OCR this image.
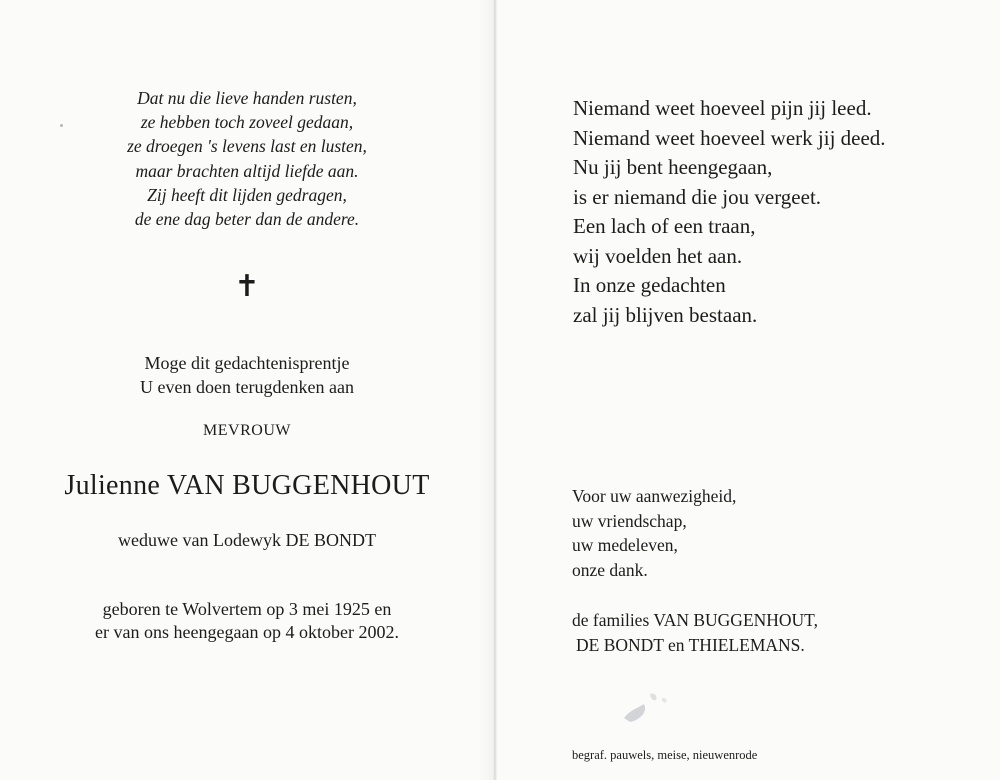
Dat nu die lieve handen rusten,
ze hebben toch zoveel gedaan,
ze droegen 's levens last en lusten,
maar brachten altijd liefde aan.
Zij heeft dit lijden gedragen,
de ene dag beter dan de andere.
✝
Moge dit gedachtenisprentje
U even doen terugdenken aan
MEVROUW
Julienne VAN BUGGENHOUT
weduwe van Lodewyk DE BONDT
geboren te Wolvertem op 3 mei 1925 en
er van ons heengegaan op 4 oktober 2002.
Niemand weet hoeveel pijn jij leed.
Niemand weet hoeveel werk jij deed.
Nu jij bent heengegaan,
is er niemand die jou vergeet.
Een lach of een traan,
wij voelden het aan.
In onze gedachten
zal jij blijven bestaan.
Voor uw aanwezigheid,
uw vriendschap,
uw medeleven,
onze dank.
de families VAN BUGGENHOUT,
DE BONDT en THIELEMANS.
begraf. pauwels, meise, nieuwenrode
